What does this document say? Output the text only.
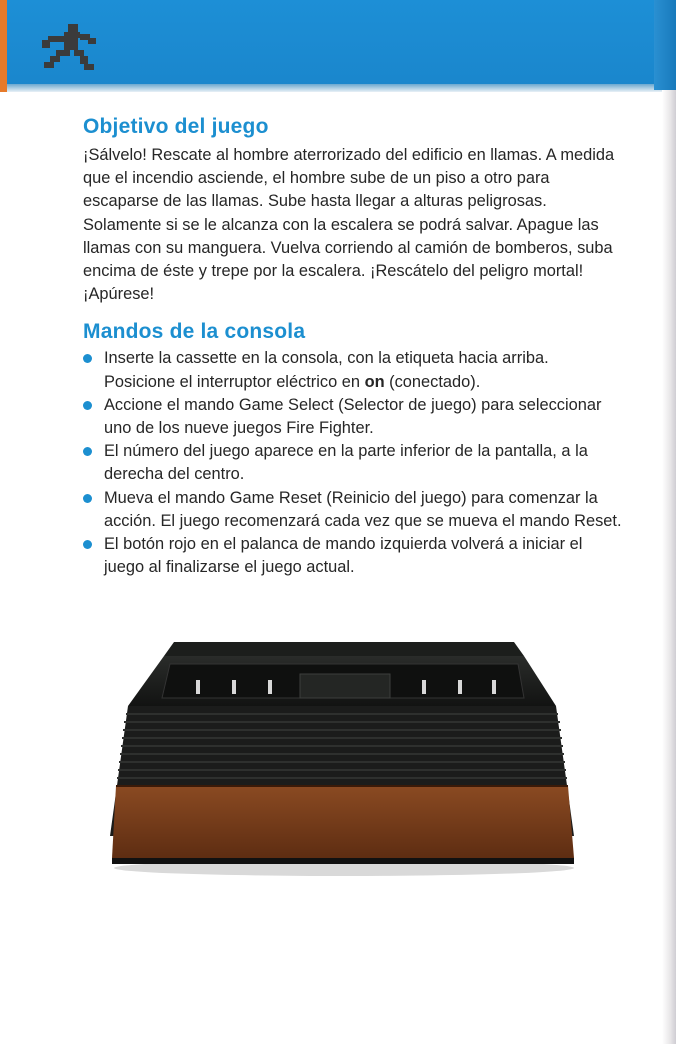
Objetivo del juego

¡Sálvelo! Rescate al hombre aterrorizado del edificio en llamas. A medida que el incendio asciende, el hombre sube de un piso a otro para escaparse de las llamas. Sube hasta llegar a alturas peligrosas. Solamente si se le alcanza con la escalera se podrá salvar. Apague las llamas con su manguera. Vuelva corriendo al camión de bomberos, suba encima de éste y trepe por la escalera. ¡Rescátelo del peligro mortal! ¡Apúrese!

Mandos de la consola
Inserte la cassette en la consola, con la etiqueta hacia arriba. Posicione el interruptor eléctrico en on (conectado).
Accione el mando Game Select (Selector de juego) para seleccionar uno de los nueve juegos Fire Fighter.
El número del juego aparece en la parte inferior de la pantalla, a la derecha del centro.
Mueva el mando Game Reset (Reinicio del juego) para comenzar la acción. El juego recomenzará cada vez que se mueva el mando Reset.
El botón rojo en el palanca de mando izquierda volverá a iniciar el juego al finalizarse el juego actual.
